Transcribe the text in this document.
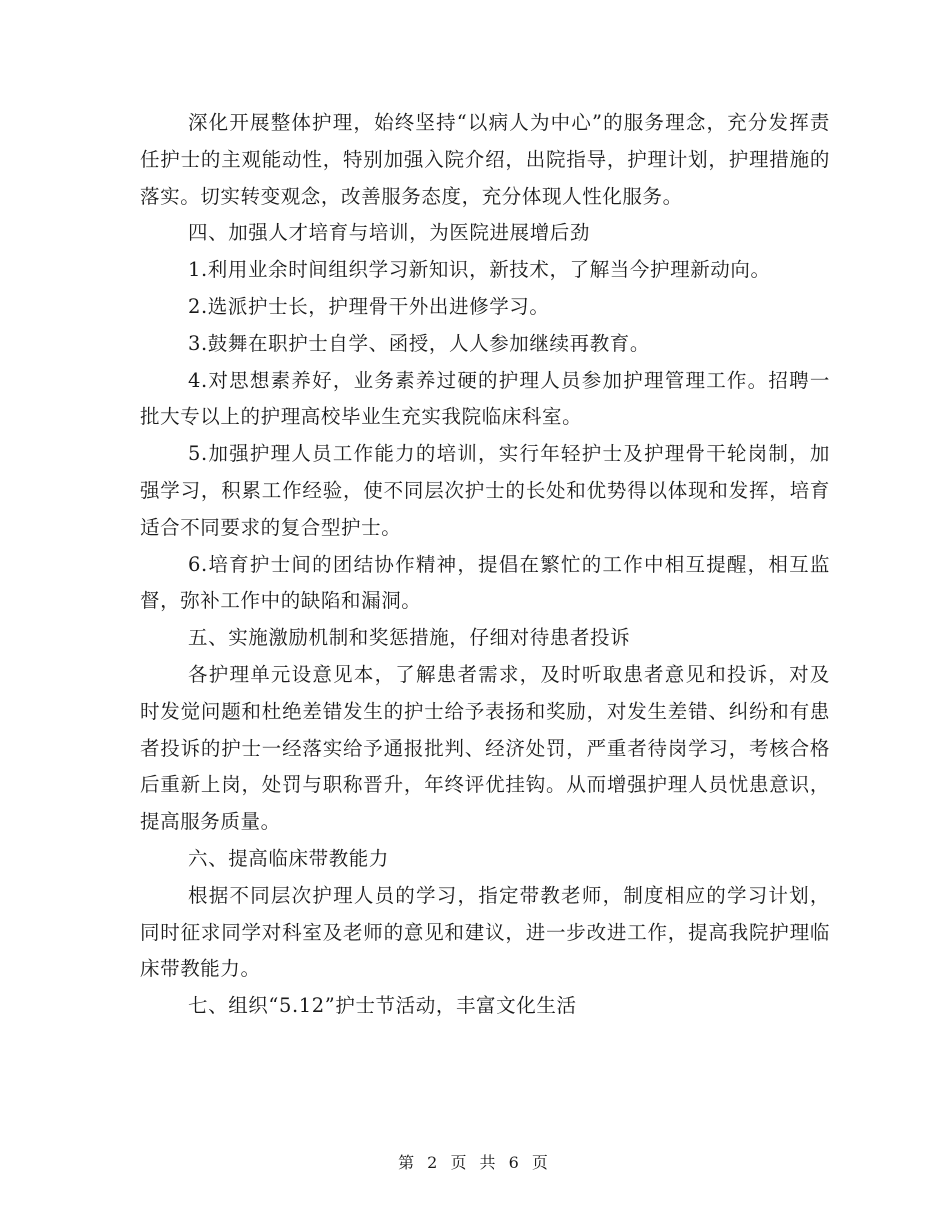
深化开展整体护理，始终坚持“以病人为中心”的服务理念，充分发挥责任护士的主观能动性，特别加强入院介绍，出院指导，护理计划，护理措施的落实。切实转变观念，改善服务态度，充分体现人性化服务。

四、加强人才培育与培训，为医院进展增后劲

1.利用业余时间组织学习新知识，新技术，了解当今护理新动向。

2.选派护士长，护理骨干外出进修学习。

3.鼓舞在职护士自学、函授，人人参加继续再教育。

4.对思想素养好，业务素养过硬的护理人员参加护理管理工作。招聘一批大专以上的护理高校毕业生充实我院临床科室。

5.加强护理人员工作能力的培训，实行年轻护士及护理骨干轮岗制，加强学习，积累工作经验，使不同层次护士的长处和优势得以体现和发挥，培育适合不同要求的复合型护士。

6.培育护士间的团结协作精神，提倡在繁忙的工作中相互提醒，相互监督，弥补工作中的缺陷和漏洞。

五、实施激励机制和奖惩措施，仔细对待患者投诉

各护理单元设意见本，了解患者需求，及时听取患者意见和投诉，对及时发觉问题和杜绝差错发生的护士给予表扬和奖励，对发生差错、纠纷和有患者投诉的护士一经落实给予通报批判、经济处罚，严重者待岗学习，考核合格后重新上岗，处罚与职称晋升，年终评优挂钩。从而增强护理人员忧患意识，提高服务质量。

六、提高临床带教能力

根据不同层次护理人员的学习，指定带教老师，制度相应的学习计划，同时征求同学对科室及老师的意见和建议，进一步改进工作，提高我院护理临床带教能力。

七、组织“5.12”护士节活动，丰富文化生活

第 2 页 共 6 页
